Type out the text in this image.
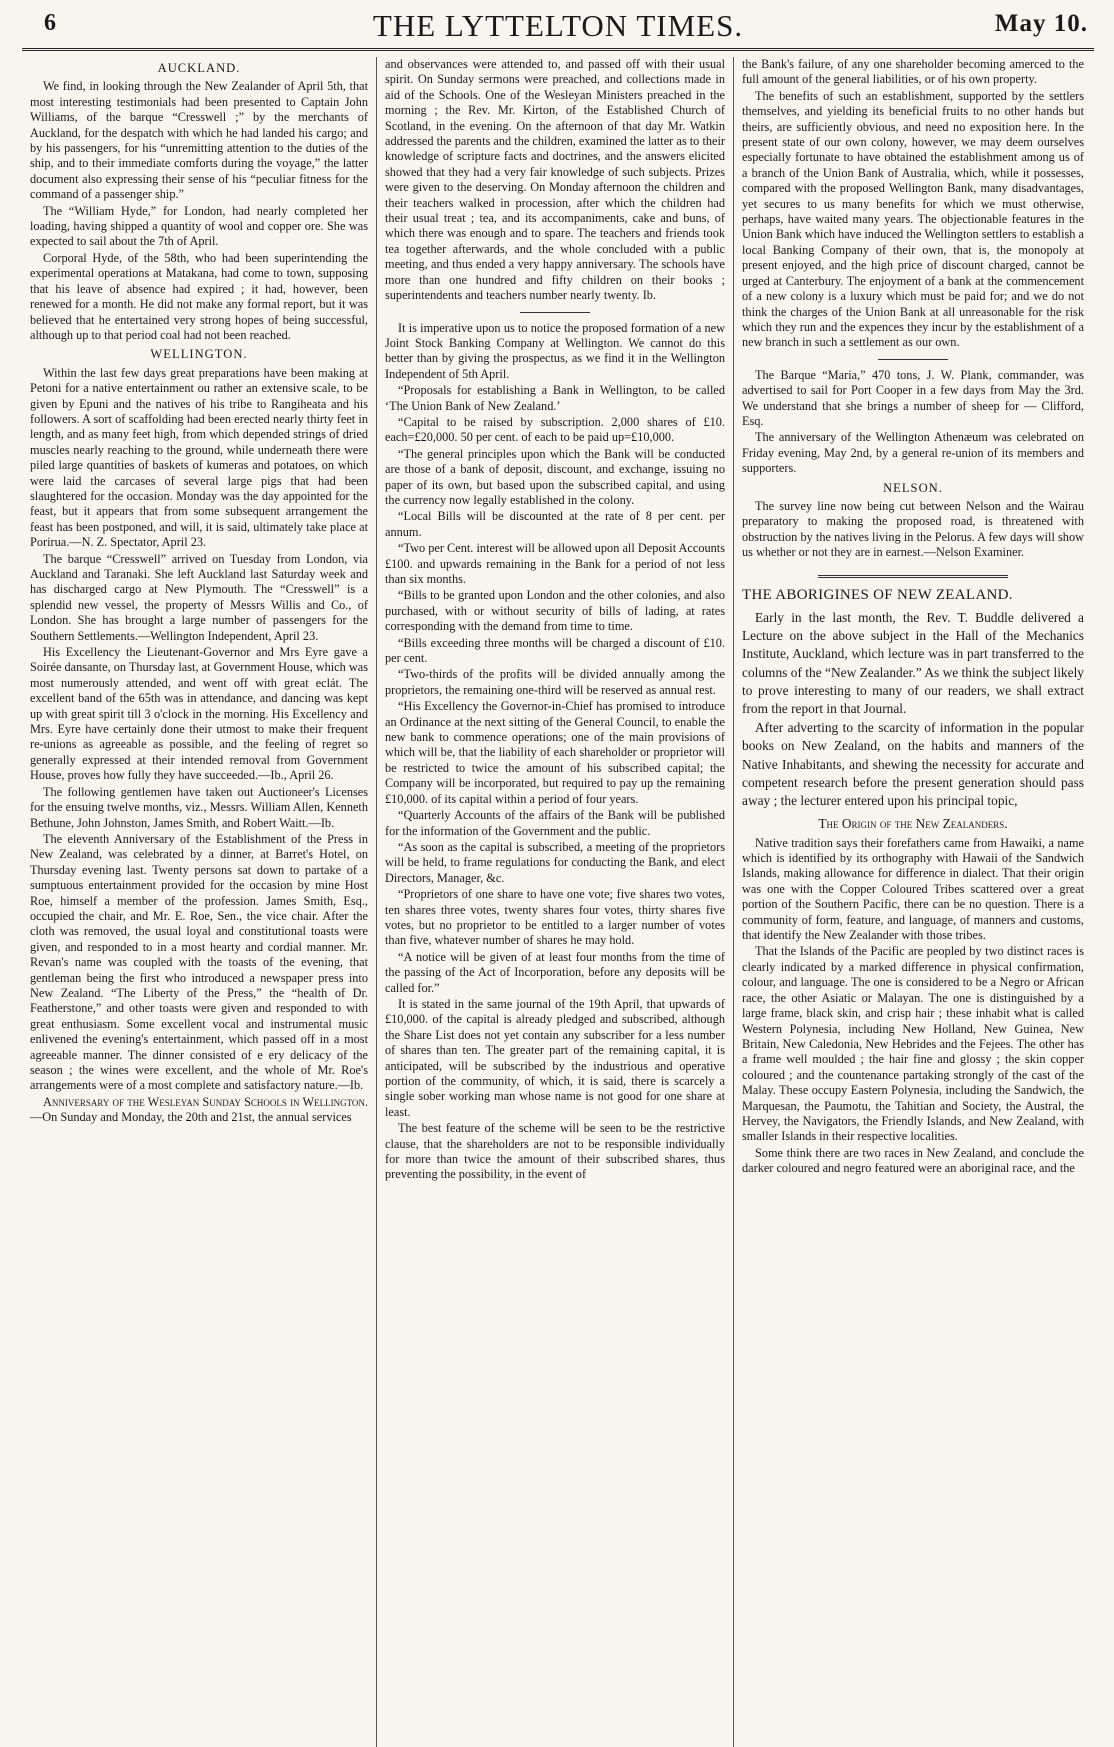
6	THE LYTTELTON TIMES.	May 10.
AUCKLAND.

We find, in looking through the New Zealander of April 5th, that most interesting testimonials had been presented to Captain John Williams, of the barque “Cresswell ;” by the merchants of Auckland, for the despatch with which he had landed his cargo; and by his passengers, for his “unremitting attention to the duties of the ship, and to their immediate comforts during the voyage,” the latter document also expressing their sense of his “peculiar fitness for the command of a passenger ship.”

The “William Hyde,” for London, had nearly completed her loading, having shipped a quantity of wool and copper ore. She was expected to sail about the 7th of April.

Corporal Hyde, of the 58th, who had been superintending the experimental operations at Matakana, had come to town, supposing that his leave of absence had expired ; it had, however, been renewed for a month. He did not make any formal report, but it was believed that he entertained very strong hopes of being successful, although up to that period coal had not been reached.

WELLINGTON.

Within the last few days great preparations have been making at Petoni for a native entertainment ou rather an extensive scale, to be given by Epuni and the natives of his tribe to Rangiheata and his followers. A sort of scaffolding had been erected nearly thirty feet in length, and as many feet high, from which depended strings of dried muscles nearly reaching to the ground, while underneath there were piled large quantities of baskets of kumeras and potatoes, on which were laid the carcases of several large pigs that had been slaughtered for the occasion. Monday was the day appointed for the feast, but it appears that from some subsequent arrangement the feast has been postponed, and will, it is said, ultimately take place at Porirua.—N. Z. Spectator, April 23.

The barque “Cresswell” arrived on Tuesday from London, via Auckland and Taranaki. She left Auckland last Saturday week and has discharged cargo at New Plymouth. The “Cresswell” is a splendid new vessel, the property of Messrs Willis and Co., of London. She has brought a large number of passengers for the Southern Settlements.—Wellington Independent, April 23.

His Excellency the Lieutenant-Governor and Mrs Eyre gave a Soirée dansante, on Thursday last, at Government House, which was most numerously attended, and went off with great eclát. The excellent band of the 65th was in attendance, and dancing was kept up with great spirit till 3 o'clock in the morning. His Excellency and Mrs. Eyre have certainly done their utmost to make their frequent re-unions as agreeable as possible, and the feeling of regret so generally expressed at their intended removal from Government House, proves how fully they have succeeded.—Ib., April 26.

The following gentlemen have taken out Auctioneer's Licenses for the ensuing twelve months, viz., Messrs. William Allen, Kenneth Bethune, John Johnston, James Smith, and Robert Waitt.—Ib.

The eleventh Anniversary of the Establishment of the Press in New Zealand, was celebrated by a dinner, at Barret's Hotel, on Thursday evening last. Twenty persons sat down to partake of a sumptuous entertainment provided for the occasion by mine Host Roe, himself a member of the profession. James Smith, Esq., occupied the chair, and Mr. E. Roe, Sen., the vice chair. After the cloth was removed, the usual loyal and constitutional toasts were given, and responded to in a most hearty and cordial manner. Mr. Revan's name was coupled with the toasts of the evening, that gentleman being the first who introduced a newspaper press into New Zealand. “The Liberty of the Press,” the “health of Dr. Featherstone,” and other toasts were given and responded to with great enthusiasm. Some excellent vocal and instrumental music enlivened the evening's entertainment, which passed off in a most agreeable manner. The dinner consisted of e ery delicacy of the season ; the wines were excellent, and the whole of Mr. Roe's arrangements were of a most complete and satisfactory nature.—Ib.

Anniversary of the Wesleyan Sunday Schools in Wellington.—On Sunday and Monday, the 20th and 21st, the annual services

and observances were attended to, and passed off with their usual spirit. On Sunday sermons were preached, and collections made in aid of the Schools. One of the Wesleyan Ministers preached in the morning ; the Rev. Mr. Kirton, of the Established Church of Scotland, in the evening. On the afternoon of that day Mr. Watkin addressed the parents and the children, examined the latter as to their knowledge of scripture facts and doctrines, and the answers elicited showed that they had a very fair knowledge of such subjects. Prizes were given to the deserving. On Monday afternoon the children and their teachers walked in procession, after which the children had their usual treat ; tea, and its accompaniments, cake and buns, of which there was enough and to spare. The teachers and friends took tea together afterwards, and the whole concluded with a public meeting, and thus ended a very happy anniversary. The schools have more than one hundred and fifty children on their books ; superintendents and teachers number nearly twenty. Ib.

It is imperative upon us to notice the proposed formation of a new Joint Stock Banking Company at Wellington. We cannot do this better than by giving the prospectus, as we find it in the Wellington Independent of 5th April.

“Proposals for establishing a Bank in Wellington, to be called ‘The Union Bank of New Zealand.’

“Capital to be raised by subscription. 2,000 shares of £10. each=£20,000. 50 per cent. of each to be paid up=£10,000.

“The general principles upon which the Bank will be conducted are those of a bank of deposit, discount, and exchange, issuing no paper of its own, but based upon the subscribed capital, and using the currency now legally established in the colony.

“Local Bills will be discounted at the rate of 8 per cent. per annum.

“Two per Cent. interest will be allowed upon all Deposit Accounts £100. and upwards remaining in the Bank for a period of not less than six months.

“Bills to be granted upon London and the other colonies, and also purchased, with or without security of bills of lading, at rates corresponding with the demand from time to time.

“Bills exceeding three months will be charged a discount of £10. per cent.

“Two-thirds of the profits will be divided annually among the proprietors, the remaining one-third will be reserved as annual rest.

“His Excellency the Governor-in-Chief has promised to introduce an Ordinance at the next sitting of the General Council, to enable the new bank to commence operations; one of the main provisions of which will be, that the liability of each shareholder or proprietor will be restricted to twice the amount of his subscribed capital; the Company will be incorporated, but required to pay up the remaining £10,000. of its capital within a period of four years.

“Quarterly Accounts of the affairs of the Bank will be published for the information of the Government and the public.

“As soon as the capital is subscribed, a meeting of the proprietors will be held, to frame regulations for conducting the Bank, and elect Directors, Manager, &c.

“Proprietors of one share to have one vote; five shares two votes, ten shares three votes, twenty shares four votes, thirty shares five votes, but no proprietor to be entitled to a larger number of votes than five, whatever number of shares he may hold.

“A notice will be given of at least four months from the time of the passing of the Act of Incorporation, before any deposits will be called for.”

It is stated in the same journal of the 19th April, that upwards of £10,000. of the capital is already pledged and subscribed, although the Share List does not yet contain any subscriber for a less number of shares than ten. The greater part of the remaining capital, it is anticipated, will be subscribed by the industrious and operative portion of the community, of which, it is said, there is scarcely a single sober working man whose name is not good for one share at least.

The best feature of the scheme will be seen to be the restrictive clause, that the shareholders are not to be responsible individually for more than twice the amount of their subscribed shares, thus preventing the possibility, in the event of

the Bank's failure, of any one shareholder becoming amerced to the full amount of the general liabilities, or of his own property.

The benefits of such an establishment, supported by the settlers themselves, and yielding its beneficial fruits to no other hands but theirs, are sufficiently obvious, and need no exposition here. In the present state of our own colony, however, we may deem ourselves especially fortunate to have obtained the establishment among us of a branch of the Union Bank of Australia, which, while it possesses, compared with the proposed Wellington Bank, many disadvantages, yet secures to us many benefits for which we must otherwise, perhaps, have waited many years. The objectionable features in the Union Bank which have induced the Wellington settlers to establish a local Banking Company of their own, that is, the monopoly at present enjoyed, and the high price of discount charged, cannot be urged at Canterbury. The enjoyment of a bank at the commencement of a new colony is a luxury which must be paid for; and we do not think the charges of the Union Bank at all unreasonable for the risk which they run and the expences they incur by the establishment of a new branch in such a settlement as our own.

The Barque “Maria,” 470 tons, J. W. Plank, commander, was advertised to sail for Port Cooper in a few days from May the 3rd. We understand that she brings a number of sheep for — Clifford, Esq.

The anniversary of the Wellington Athenæum was celebrated on Friday evening, May 2nd, by a general re-union of its members and supporters.

NELSON.

The survey line now being cut between Nelson and the Wairau preparatory to making the proposed road, is threatened with obstruction by the natives living in the Pelorus. A few days will show us whether or not they are in earnest.—Nelson Examiner.

THE ABORIGINES OF NEW ZEALAND.

Early in the last month, the Rev. T. Buddle delivered a Lecture on the above subject in the Hall of the Mechanics Institute, Auckland, which lecture was in part transferred to the columns of the “New Zealander.” As we think the subject likely to prove interesting to many of our readers, we shall extract from the report in that Journal.

After adverting to the scarcity of information in the popular books on New Zealand, on the habits and manners of the Native Inhabitants, and shewing the necessity for accurate and competent research before the present generation should pass away ; the lecturer entered upon his principal topic,

The Origin of the New Zealanders.

Native tradition says their forefathers came from Hawaiki, a name which is identified by its orthography with Hawaii of the Sandwich Islands, making allowance for difference in dialect. That their origin was one with the Copper Coloured Tribes scattered over a great portion of the Southern Pacific, there can be no question. There is a community of form, feature, and language, of manners and customs, that identify the New Zealander with those tribes.

That the Islands of the Pacific are peopled by two distinct races is clearly indicated by a marked difference in physical confirmation, colour, and language. The one is considered to be a Negro or African race, the other Asiatic or Malayan. The one is distinguished by a large frame, black skin, and crisp hair ; these inhabit what is called Western Polynesia, including New Holland, New Guinea, New Britain, New Caledonia, New Hebrides and the Fejees. The other has a frame well moulded ; the hair fine and glossy ; the skin copper coloured ; and the countenance partaking strongly of the cast of the Malay. These occupy Eastern Polynesia, including the Sandwich, the Marquesan, the Paumotu, the Tahitian and Society, the Austral, the Hervey, the Navigators, the Friendly Islands, and New Zealand, with smaller Islands in their respective localities.

Some think there are two races in New Zealand, and conclude the darker coloured and negro featured were an aboriginal race, and the
